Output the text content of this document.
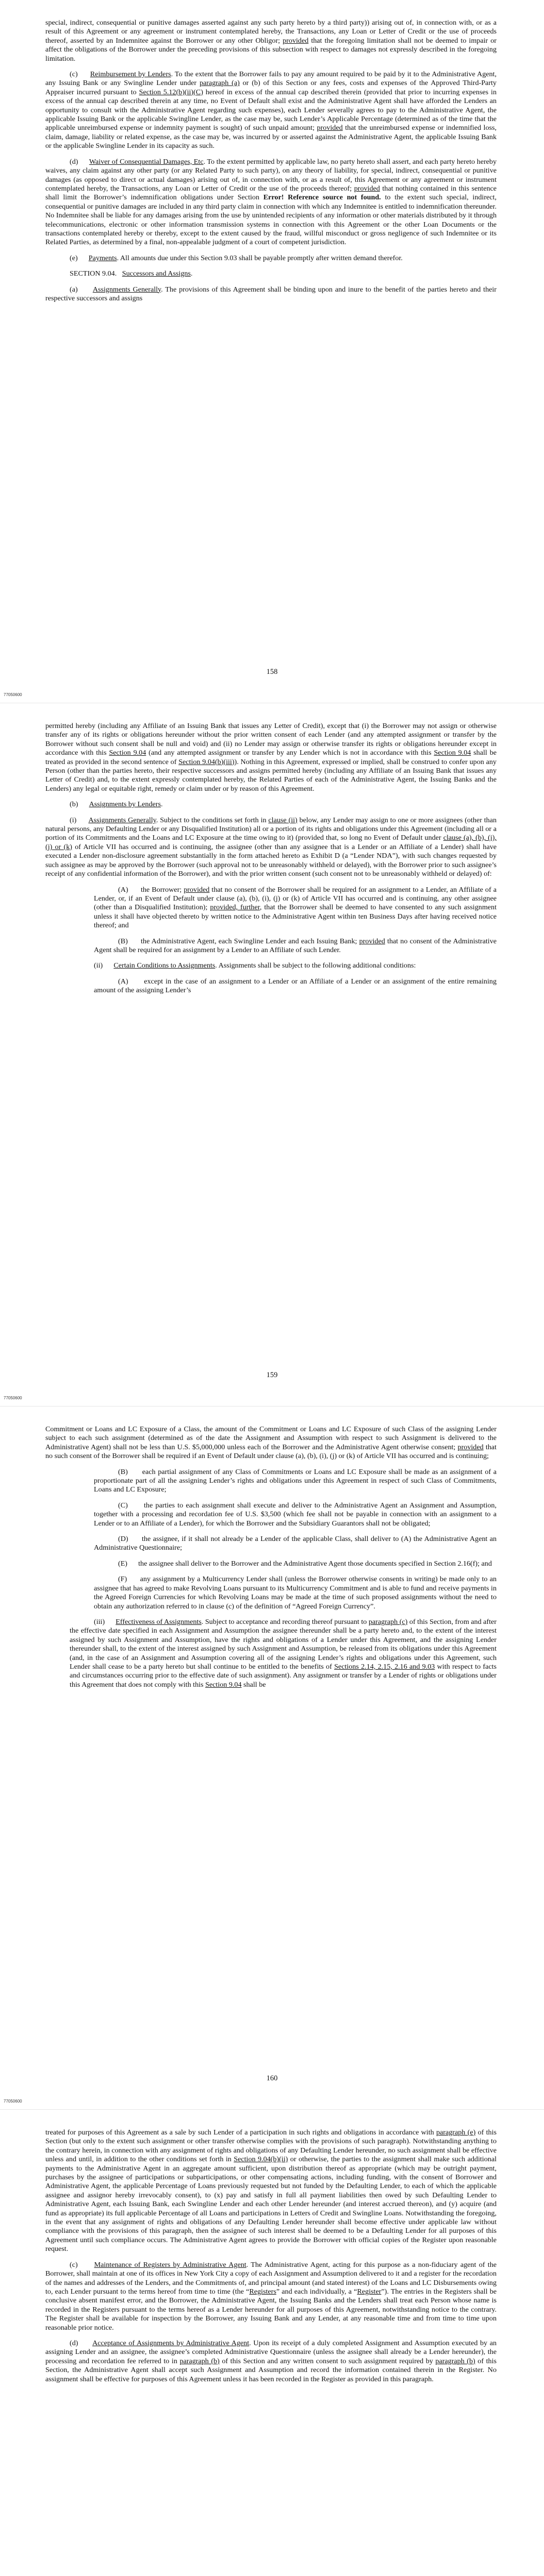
special, indirect, consequential or punitive damages asserted against any such party hereto by a third party)) arising out of, in connection with, or as a result of this Agreement or any agreement or instrument contemplated hereby, the Transactions, any Loan or Letter of Credit or the use of proceeds thereof, asserted by an Indemnitee against the Borrower or any other Obligor; provided that the foregoing limitation shall not be deemed to impair or affect the obligations of the Borrower under the preceding provisions of this subsection with respect to damages not expressly described in the foregoing limitation.

(c)      Reimbursement by Lenders. To the extent that the Borrower fails to pay any amount required to be paid by it to the Administrative Agent, any Issuing Bank or any Swingline Lender under paragraph (a) or (b) of this Section or any fees, costs and expenses of the Approved Third-Party Appraiser incurred pursuant to Section 5.12(b)(ii)(C) hereof in excess of the annual cap described therein (provided that prior to incurring expenses in excess of the annual cap described therein at any time, no Event of Default shall exist and the Administrative Agent shall have afforded the Lenders an opportunity to consult with the Administrative Agent regarding such expenses), each Lender severally agrees to pay to the Administrative Agent, the applicable Issuing Bank or the applicable Swingline Lender, as the case may be, such Lender’s Applicable Percentage (determined as of the time that the applicable unreimbursed expense or indemnity payment is sought) of such unpaid amount; provided that the unreimbursed expense or indemnified loss, claim, damage, liability or related expense, as the case may be, was incurred by or asserted against the Administrative Agent, the applicable Issuing Bank or the applicable Swingline Lender in its capacity as such.

(d)      Waiver of Consequential Damages, Etc. To the extent permitted by applicable law, no party hereto shall assert, and each party hereto hereby waives, any claim against any other party (or any Related Party to such party), on any theory of liability, for special, indirect, consequential or punitive damages (as opposed to direct or actual damages) arising out of, in connection with, or as a result of, this Agreement or any agreement or instrument contemplated hereby, the Transactions, any Loan or Letter of Credit or the use of the proceeds thereof; provided that nothing contained in this sentence shall limit the Borrower’s indemnification obligations under Section Error! Reference source not found. to the extent such special, indirect, consequential or punitive damages are included in any third party claim in connection with which any Indemnitee is entitled to indemnification thereunder. No Indemnitee shall be liable for any damages arising from the use by unintended recipients of any information or other materials distributed by it through telecommunications, electronic or other information transmission systems in connection with this Agreement or the other Loan Documents or the transactions contemplated hereby or thereby, except to the extent caused by the fraud, willful misconduct or gross negligence of such Indemnitee or its Related Parties, as determined by a final, non-appealable judgment of a court of competent jurisdiction.

(e)      Payments. All amounts due under this Section 9.03 shall be payable promptly after written demand therefor.

SECTION 9.04.   Successors and Assigns.

(a)      Assignments Generally. The provisions of this Agreement shall be binding upon and inure to the benefit of the parties hereto and their respective successors and assigns

158
77050600

permitted hereby (including any Affiliate of an Issuing Bank that issues any Letter of Credit), except that (i) the Borrower may not assign or otherwise transfer any of its rights or obligations hereunder without the prior written consent of each Lender (and any attempted assignment or transfer by the Borrower without such consent shall be null and void) and (ii) no Lender may assign or otherwise transfer its rights or obligations hereunder except in accordance with this Section 9.04 (and any attempted assignment or transfer by any Lender which is not in accordance with this Section 9.04 shall be treated as provided in the second sentence of Section 9.04(b)(iii)). Nothing in this Agreement, expressed or implied, shall be construed to confer upon any Person (other than the parties hereto, their respective successors and assigns permitted hereby (including any Affiliate of an Issuing Bank that issues any Letter of Credit) and, to the extent expressly contemplated hereby, the Related Parties of each of the Administrative Agent, the Issuing Banks and the Lenders) any legal or equitable right, remedy or claim under or by reason of this Agreement.

(b)      Assignments by Lenders.

(i)      Assignments Generally. Subject to the conditions set forth in clause (ii) below, any Lender may assign to one or more assignees (other than natural persons, any Defaulting Lender or any Disqualified Institution) all or a portion of its rights and obligations under this Agreement (including all or a portion of its Commitments and the Loans and LC Exposure at the time owing to it) (provided that, so long no Event of Default under clause (a), (b), (i), (j) or (k) of Article VII has occurred and is continuing, the assignee (other than any assignee that is a Lender or an Affiliate of a Lender) shall have executed a Lender non-disclosure agreement substantially in the form attached hereto as Exhibit D (a “Lender NDA”), with such changes requested by such assignee as may be approved by the Borrower (such approval not to be unreasonably withheld or delayed), with the Borrower prior to such assignee’s receipt of any confidential information of the Borrower), and with the prior written consent (such consent not to be unreasonably withheld or delayed) of:

(A)      the Borrower; provided that no consent of the Borrower shall be required for an assignment to a Lender, an Affiliate of a Lender, or, if an Event of Default under clause (a), (b), (i), (j) or (k) of Article VII has occurred and is continuing, any other assignee (other than a Disqualified Institution); provided, further, that the Borrower shall be deemed to have consented to any such assignment unless it shall have objected thereto by written notice to the Administrative Agent within ten Business Days after having received notice thereof; and

(B)      the Administrative Agent, each Swingline Lender and each Issuing Bank; provided that no consent of the Administrative Agent shall be required for an assignment by a Lender to an Affiliate of such Lender.

(ii)      Certain Conditions to Assignments. Assignments shall be subject to the following additional conditions:

(A)      except in the case of an assignment to a Lender or an Affiliate of a Lender or an assignment of the entire remaining amount of the assigning Lender’s

159
77050600

Commitment or Loans and LC Exposure of a Class, the amount of the Commitment or Loans and LC Exposure of such Class of the assigning Lender subject to each such assignment (determined as of the date the Assignment and Assumption with respect to such Assignment is delivered to the Administrative Agent) shall not be less than U.S. $5,000,000 unless each of the Borrower and the Administrative Agent otherwise consent; provided that no such consent of the Borrower shall be required if an Event of Default under clause (a), (b), (i), (j) or (k) of Article VII has occurred and is continuing;

(B)      each partial assignment of any Class of Commitments or Loans and LC Exposure shall be made as an assignment of a proportionate part of all the assigning Lender’s rights and obligations under this Agreement in respect of such Class of Commitments, Loans and LC Exposure;

(C)      the parties to each assignment shall execute and deliver to the Administrative Agent an Assignment and Assumption, together with a processing and recordation fee of U.S. $3,500 (which fee shall not be payable in connection with an assignment to a Lender or to an Affiliate of a Lender), for which the Borrower and the Subsidiary Guarantors shall not be obligated;

(D)      the assignee, if it shall not already be a Lender of the applicable Class, shall deliver to (A) the Administrative Agent an Administrative Questionnaire;

(E)      the assignee shall deliver to the Borrower and the Administrative Agent those documents specified in Section 2.16(f); and

(F)      any assignment by a Multicurrency Lender shall (unless the Borrower otherwise consents in writing) be made only to an assignee that has agreed to make Revolving Loans pursuant to its Multicurrency Commitment and is able to fund and receive payments in the Agreed Foreign Currencies for which Revolving Loans may be made at the time of such proposed assignments without the need to obtain any authorization referred to in clause (c) of the definition of “Agreed Foreign Currency”.

(iii)      Effectiveness of Assignments. Subject to acceptance and recording thereof pursuant to paragraph (c) of this Section, from and after the effective date specified in each Assignment and Assumption the assignee thereunder shall be a party hereto and, to the extent of the interest assigned by such Assignment and Assumption, have the rights and obligations of a Lender under this Agreement, and the assigning Lender thereunder shall, to the extent of the interest assigned by such Assignment and Assumption, be released from its obligations under this Agreement (and, in the case of an Assignment and Assumption covering all of the assigning Lender’s rights and obligations under this Agreement, such Lender shall cease to be a party hereto but shall continue to be entitled to the benefits of Sections 2.14, 2.15, 2.16 and 9.03 with respect to facts and circumstances occurring prior to the effective date of such assignment). Any assignment or transfer by a Lender of rights or obligations under this Agreement that does not comply with this Section 9.04 shall be

160
77050600

treated for purposes of this Agreement as a sale by such Lender of a participation in such rights and obligations in accordance with paragraph (e) of this Section (but only to the extent such assignment or other transfer otherwise complies with the provisions of such paragraph). Notwithstanding anything to the contrary herein, in connection with any assignment of rights and obligations of any Defaulting Lender hereunder, no such assignment shall be effective unless and until, in addition to the other conditions set forth in Section 9.04(b)(ii) or otherwise, the parties to the assignment shall make such additional payments to the Administrative Agent in an aggregate amount sufficient, upon distribution thereof as appropriate (which may be outright payment, purchases by the assignee of participations or subparticipations, or other compensating actions, including funding, with the consent of Borrower and Administrative Agent, the applicable Percentage of Loans previously requested but not funded by the Defaulting Lender, to each of which the applicable assignee and assignor hereby irrevocably consent), to (x) pay and satisfy in full all payment liabilities then owed by such Defaulting Lender to Administrative Agent, each Issuing Bank, each Swingline Lender and each other Lender hereunder (and interest accrued thereon), and (y) acquire (and fund as appropriate) its full applicable Percentage of all Loans and participations in Letters of Credit and Swingline Loans. Notwithstanding the foregoing, in the event that any assignment of rights and obligations of any Defaulting Lender hereunder shall become effective under applicable law without compliance with the provisions of this paragraph, then the assignee of such interest shall be deemed to be a Defaulting Lender for all purposes of this Agreement until such compliance occurs. The Administrative Agent agrees to provide the Borrower with official copies of the Register upon reasonable request.

(c)      Maintenance of Registers by Administrative Agent. The Administrative Agent, acting for this purpose as a non-fiduciary agent of the Borrower, shall maintain at one of its offices in New York City a copy of each Assignment and Assumption delivered to it and a register for the recordation of the names and addresses of the Lenders, and the Commitments of, and principal amount (and stated interest) of the Loans and LC Disbursements owing to, each Lender pursuant to the terms hereof from time to time (the “Registers” and each individually, a “Register”). The entries in the Registers shall be conclusive absent manifest error, and the Borrower, the Administrative Agent, the Issuing Banks and the Lenders shall treat each Person whose name is recorded in the Registers pursuant to the terms hereof as a Lender hereunder for all purposes of this Agreement, notwithstanding notice to the contrary. The Register shall be available for inspection by the Borrower, any Issuing Bank and any Lender, at any reasonable time and from time to time upon reasonable prior notice.

(d)      Acceptance of Assignments by Administrative Agent. Upon its receipt of a duly completed Assignment and Assumption executed by an assigning Lender and an assignee, the assignee’s completed Administrative Questionnaire (unless the assignee shall already be a Lender hereunder), the processing and recordation fee referred to in paragraph (b) of this Section and any written consent to such assignment required by paragraph (b) of this Section, the Administrative Agent shall accept such Assignment and Assumption and record the information contained therein in the Register. No assignment shall be effective for purposes of this Agreement unless it has been recorded in the Register as provided in this paragraph.
